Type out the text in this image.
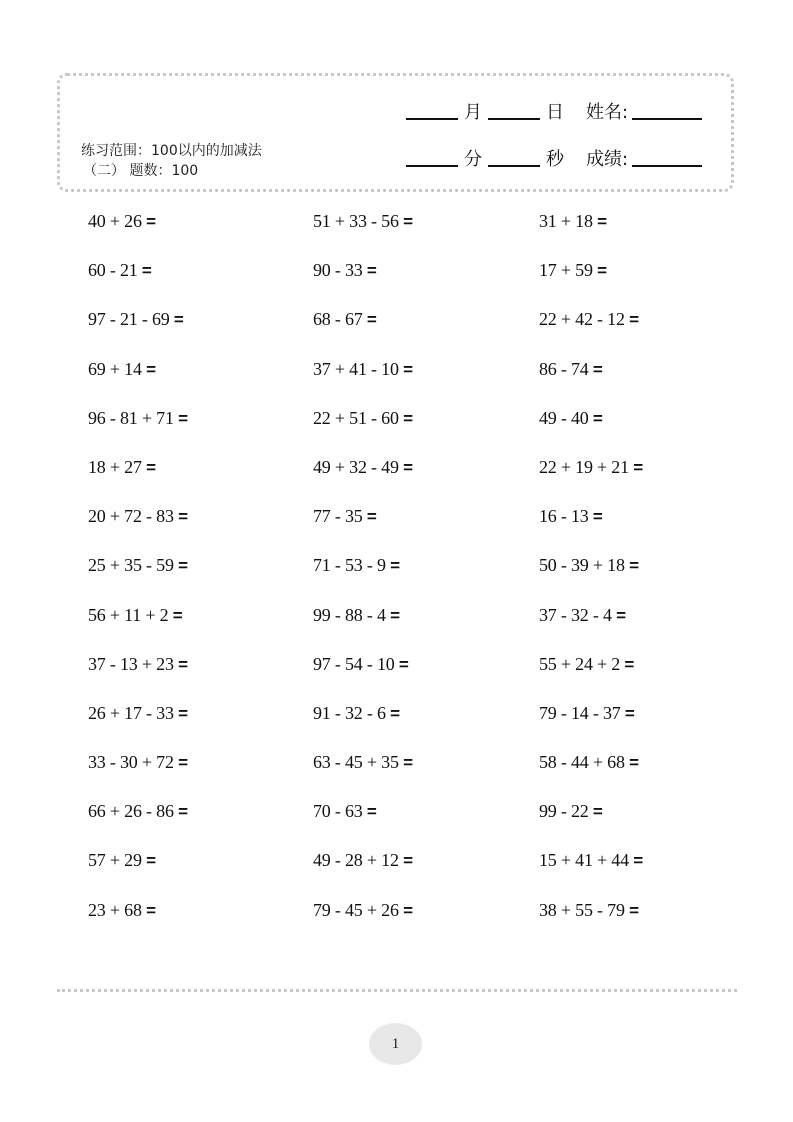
练习范围：100以内的加减法
（二） 题数：100
月	日	姓名:
分	秒	成绩:
40 + 26 =	51 + 33 - 56 =	31 + 18 =
60 - 21 =	90 - 33 =	17 + 59 =
97 - 21 - 69 =	68 - 67 =	22 + 42 - 12 =
69 + 14 =	37 + 41 - 10 =	86 - 74 =
96 - 81 + 71 =	22 + 51 - 60 =	49 - 40 =
18 + 27 =	49 + 32 - 49 =	22 + 19 + 21 =
20 + 72 - 83 =	77 - 35 =	16 - 13 =
25 + 35 - 59 =	71 - 53 - 9 =	50 - 39 + 18 =
56 + 11 + 2 =	99 - 88 - 4 =	37 - 32 - 4 =
37 - 13 + 23 =	97 - 54 - 10 =	55 + 24 + 2 =
26 + 17 - 33 =	91 - 32 - 6 =	79 - 14 - 37 =
33 - 30 + 72 =	63 - 45 + 35 =	58 - 44 + 68 =
66 + 26 - 86 =	70 - 63 =	99 - 22 =
57 + 29 =	49 - 28 + 12 =	15 + 41 + 44 =
23 + 68 =	79 - 45 + 26 =	38 + 55 - 79 =
1
